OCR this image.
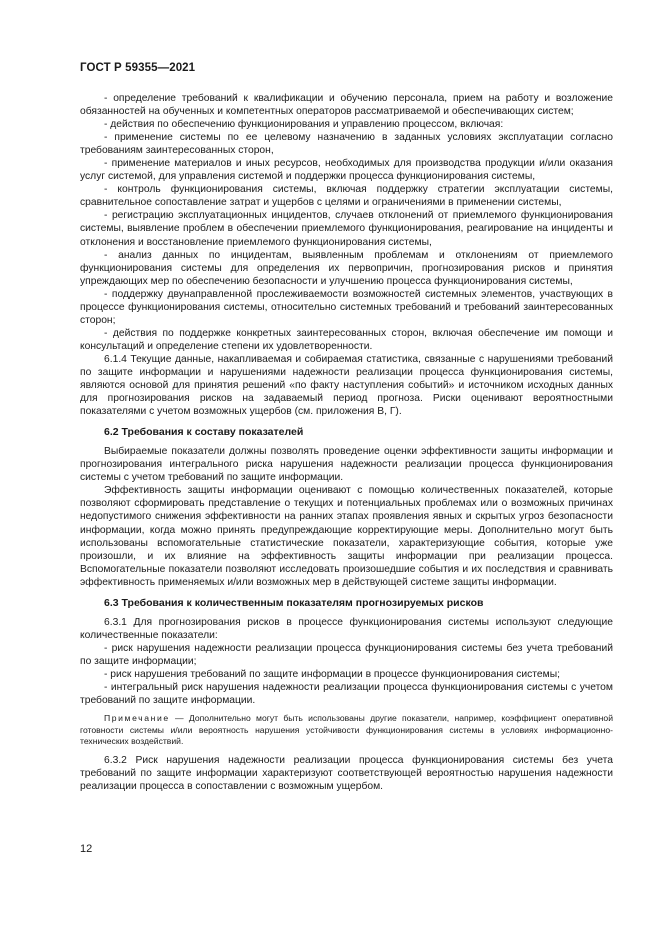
ГОСТ Р 59355—2021

- определение требований к квалификации и обучению персонала, прием на работу и возложение обязанностей на обученных и компетентных операторов рассматриваемой и обеспечивающих систем;

- действия по обеспечению функционирования и управлению процессом, включая:

- применение системы по ее целевому назначению в заданных условиях эксплуатации согласно требованиям заинтересованных сторон,

- применение материалов и иных ресурсов, необходимых для производства продукции и/или оказания услуг системой, для управления системой и поддержки процесса функционирования системы,

- контроль функционирования системы, включая поддержку стратегии эксплуатации системы, сравнительное сопоставление затрат и ущербов с целями и ограничениями в применении системы,

- регистрацию эксплуатационных инцидентов, случаев отклонений от приемлемого функционирования системы, выявление проблем в обеспечении приемлемого функционирования, реагирование на инциденты и отклонения и восстановление приемлемого функционирования системы,

- анализ данных по инцидентам, выявленным проблемам и отклонениям от приемлемого функционирования системы для определения их первопричин, прогнозирования рисков и принятия упреждающих мер по обеспечению безопасности и улучшению процесса функционирования системы,

- поддержку двунаправленной прослеживаемости возможностей системных элементов, участвующих в процессе функционирования системы, относительно системных требований и требований заинтересованных сторон;

- действия по поддержке конкретных заинтересованных сторон, включая обеспечение им помощи и консультаций и определение степени их удовлетворенности.

6.1.4 Текущие данные, накапливаемая и собираемая статистика, связанные с нарушениями требований по защите информации и нарушениями надежности реализации процесса функционирования системы, являются основой для принятия решений «по факту наступления событий» и источником исходных данных для прогнозирования рисков на задаваемый период прогноза. Риски оценивают вероятностными показателями с учетом возможных ущербов (см. приложения В, Г).

6.2 Требования к составу показателей

Выбираемые показатели должны позволять проведение оценки эффективности защиты информации и прогнозирования интегрального риска нарушения надежности реализации процесса функционирования системы с учетом требований по защите информации.

Эффективность защиты информации оценивают с помощью количественных показателей, которые позволяют сформировать представление о текущих и потенциальных проблемах или о возможных причинах недопустимого снижения эффективности на ранних этапах проявления явных и скрытых угроз безопасности информации, когда можно принять предупреждающие корректирующие меры. Дополнительно могут быть использованы вспомогательные статистические показатели, характеризующие события, которые уже произошли, и их влияние на эффективность защиты информации при реализации процесса. Вспомогательные показатели позволяют исследовать произошедшие события и их последствия и сравнивать эффективность применяемых и/или возможных мер в действующей системе защиты информации.

6.3 Требования к количественным показателям прогнозируемых рисков

6.3.1 Для прогнозирования рисков в процессе функционирования системы используют следующие количественные показатели:

- риск нарушения надежности реализации процесса функционирования системы без учета требований по защите информации;

- риск нарушения требований по защите информации в процессе функционирования системы;

- интегральный риск нарушения надежности реализации процесса функционирования системы с учетом требований по защите информации.

Примечание — Дополнительно могут быть использованы другие показатели, например, коэффициент оперативной готовности системы и/или вероятность нарушения устойчивости функционирования системы в условиях информационно-технических воздействий.

6.3.2 Риск нарушения надежности реализации процесса функционирования системы без учета требований по защите информации характеризуют соответствующей вероятностью нарушения надежности реализации процесса в сопоставлении с возможным ущербом.

12
